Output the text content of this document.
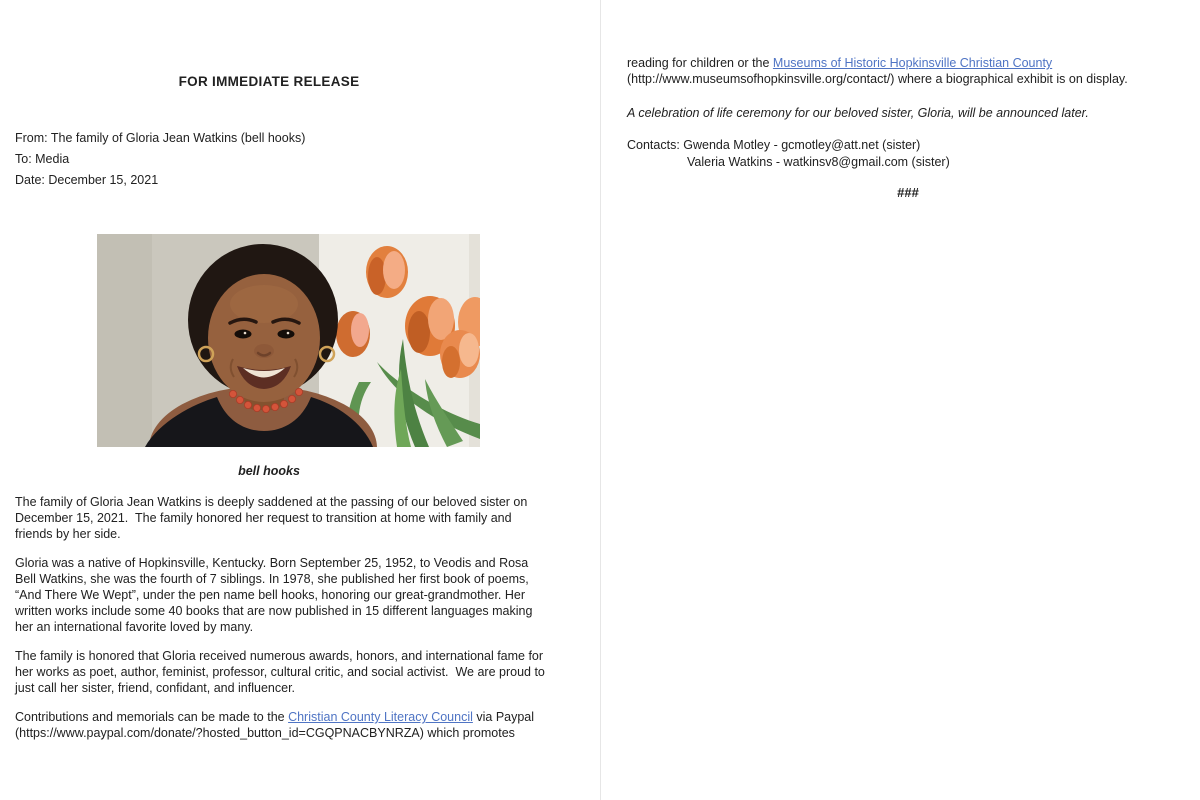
FOR IMMEDIATE RELEASE
From: The family of Gloria Jean Watkins (bell hooks)
To: Media
Date: December 15, 2021
bell hooks
The family of Gloria Jean Watkins is deeply saddened at the passing of our beloved sister on
December 15, 2021.  The family honored her request to transition at home with family and
friends by her side.
Gloria was a native of Hopkinsville, Kentucky. Born September 25, 1952, to Veodis and Rosa
Bell Watkins, she was the fourth of 7 siblings. In 1978, she published her first book of poems,
“And There We Wept”, under the pen name bell hooks, honoring our great-grandmother. Her
written works include some 40 books that are now published in 15 different languages making
her an international favorite loved by many.
The family is honored that Gloria received numerous awards, honors, and international fame for
her works as poet, author, feminist, professor, cultural critic, and social activist.  We are proud to
just call her sister, friend, confidant, and influencer.
Contributions and memorials can be made to the Christian County Literacy Council via Paypal
(https://www.paypal.com/donate/?hosted_button_id=CGQPNACBYNRZA) which promotes
reading for children or the Museums of Historic Hopkinsville Christian County
(http://www.museumsofhopkinsville.org/contact/) where a biographical exhibit is on display.
A celebration of life ceremony for our beloved sister, Gloria, will be announced later.
Contacts: Gwenda Motley - gcmotley@att.net (sister)
Valeria Watkins - watkinsv8@gmail.com (sister)
###
